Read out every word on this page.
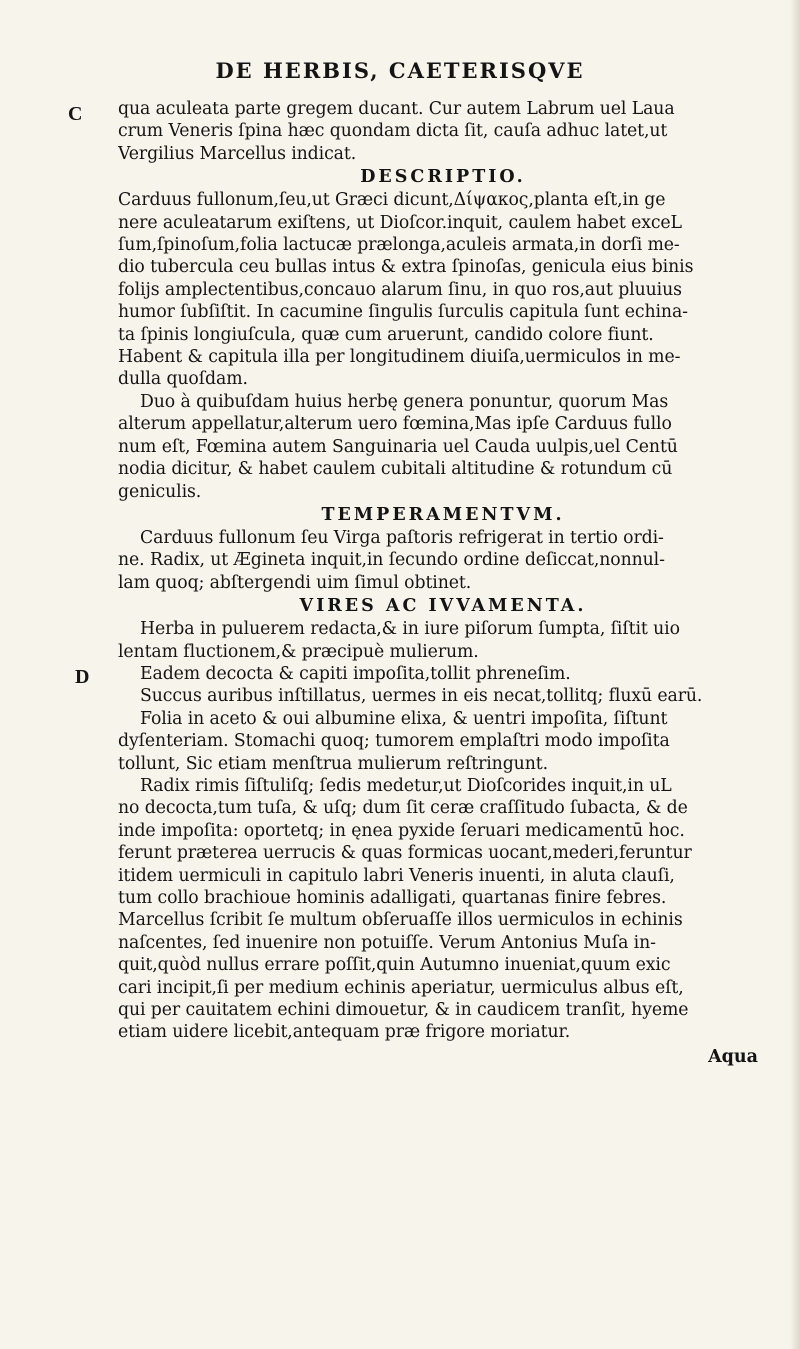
DE HERBIS, CAETERISQVE
C
D
qua aculeata parte gregem ducant. Cur autem Labrum uel Laua
crum Veneris ſpina hæc quondam dicta ſit, cauſa adhuc latet,ut
Vergilius Marcellus indicat.
DESCRIPTIO.
Carduus fullonum,ſeu,ut Græci dicunt,Δίψακος,planta eſt,in ge
nere aculeatarum exiſtens, ut Dioſcor.inquit, caulem habet exceL
ſum,ſpinoſum,folia lactucæ prælonga,aculeis armata,in dorſi me-
dio tubercula ceu bullas intus & extra ſpinoſas, genicula eius binis
folijs amplectentibus,concauo alarum ſinu, in quo ros,aut pluuius
humor ſubſiſtit. In cacumine ſingulis ſurculis capitula ſunt echina-
ta ſpinis longiuſcula, quæ cum aruerunt, candido colore fiunt.
Habent & capitula illa per longitudinem diuiſa,uermiculos in me-
dulla quoſdam.
Duo à quibuſdam huius herbę genera ponuntur, quorum Mas
alterum appellatur,alterum uero fœmina,Mas ipſe Carduus fullo
num eſt, Fœmina autem Sanguinaria uel Cauda uulpis,uel Centū
nodia dicitur, & habet caulem cubitali altitudine & rotundum cū
geniculis.
TEMPERAMENTVM.
Carduus fullonum ſeu Virga paſtoris refrigerat in tertio ordi-
ne. Radix, ut Ægineta inquit,in ſecundo ordine deſiccat,nonnul-
lam quoq; abſtergendi uim ſimul obtinet.
VIRES AC IVVAMENTA.
Herba in puluerem redacta,& in iure piſorum ſumpta, ſiſtit uio
lentam fluctionem,& præcipuè mulierum.
Eadem decocta & capiti impoſita,tollit phreneſim.
Succus auribus inſtillatus, uermes in eis necat,tollitq; fluxū earū.
Folia in aceto & oui albumine elixa, & uentri impoſita, ſiſtunt
dyſenteriam. Stomachi quoq; tumorem emplaſtri modo impoſita
tollunt, Sic etiam menſtrua mulierum reſtringunt.
Radix rimis ſiſtuliſq; ſedis medetur,ut Dioſcorides inquit,in uL
no decocta,tum tuſa, & uſq; dum ſit ceræ craſſitudo ſubacta, & de
inde impoſita: oportetq; in ęnea pyxide ſeruari medicamentū hoc.
ferunt præterea uerrucis & quas formicas uocant,mederi,feruntur
itidem uermiculi in capitulo labri Veneris inuenti, in aluta clauſi,
tum collo brachioue hominis adalligati, quartanas finire febres.
Marcellus ſcribit ſe multum obſeruaſſe illos uermiculos in echinis
naſcentes, ſed inuenire non potuiſſe. Verum Antonius Muſa in-
quit,quòd nullus errare poſſit,quin Autumno inueniat,quum exic
cari incipit,ſi per medium echinis aperiatur, uermiculus albus eſt,
qui per cauitatem echini dimouetur, & in caudicem tranſit, hyeme
etiam uidere licebit,antequam præ frigore moriatur.
Aqua
